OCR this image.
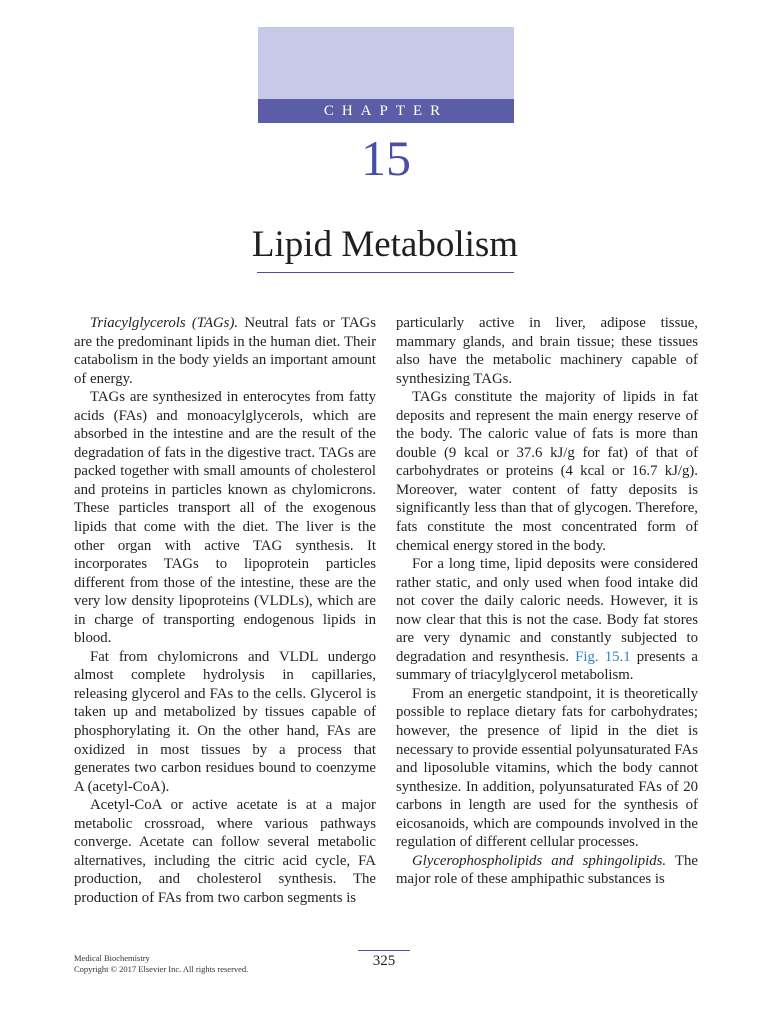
CHAPTER
15
Lipid Metabolism

Triacylglycerols (TAGs). Neutral fats or TAGs are the predominant lipids in the human diet. Their catabolism in the body yields an important amount of energy.

TAGs are synthesized in enterocytes from fatty acids (FAs) and monoacylglycerols, which are absorbed in the intestine and are the result of the degradation of fats in the digestive tract. TAGs are packed together with small amounts of cholesterol and proteins in particles known as chylomicrons. These particles transport all of the exogenous lipids that come with the diet. The liver is the other organ with active TAG synthesis. It incorporates TAGs to lipoprotein particles different from those of the intestine, these are the very low density lipoproteins (VLDLs), which are in charge of transporting endogenous lipids in blood.

Fat from chylomicrons and VLDL undergo almost complete hydrolysis in capillaries, releasing glycerol and FAs to the cells. Glycerol is taken up and metabolized by tissues capable of phosphorylating it. On the other hand, FAs are oxidized in most tissues by a process that generates two carbon residues bound to coenzyme A (acetyl-CoA).

Acetyl-CoA or active acetate is at a major metabolic crossroad, where various pathways converge. Acetate can follow several metabolic alternatives, including the citric acid cycle, FA production, and cholesterol synthesis. The production of FAs from two carbon segments is

particularly active in liver, adipose tissue, mammary glands, and brain tissue; these tissues also have the metabolic machinery capable of synthesizing TAGs.

TAGs constitute the majority of lipids in fat deposits and represent the main energy reserve of the body. The caloric value of fats is more than double (9 kcal or 37.6 kJ/g for fat) of that of carbohydrates or proteins (4 kcal or 16.7 kJ/g). Moreover, water content of fatty deposits is significantly less than that of glycogen. Therefore, fats constitute the most concentrated form of chemical energy stored in the body.

For a long time, lipid deposits were considered rather static, and only used when food intake did not cover the daily caloric needs. However, it is now clear that this is not the case. Body fat stores are very dynamic and constantly subjected to degradation and resynthesis. Fig. 15.1 presents a summary of triacylglycerol metabolism.

From an energetic standpoint, it is theoretically possible to replace dietary fats for carbohydrates; however, the presence of lipid in the diet is necessary to provide essential polyunsaturated FAs and liposoluble vitamins, which the body cannot synthesize. In addition, polyunsaturated FAs of 20 carbons in length are used for the synthesis of eicosanoids, which are compounds involved in the regulation of different cellular processes.

Glycerophospholipids and sphingolipids. The major role of these amphipathic substances is

Medical Biochemistry
Copyright © 2017 Elsevier Inc. All rights reserved.	325
